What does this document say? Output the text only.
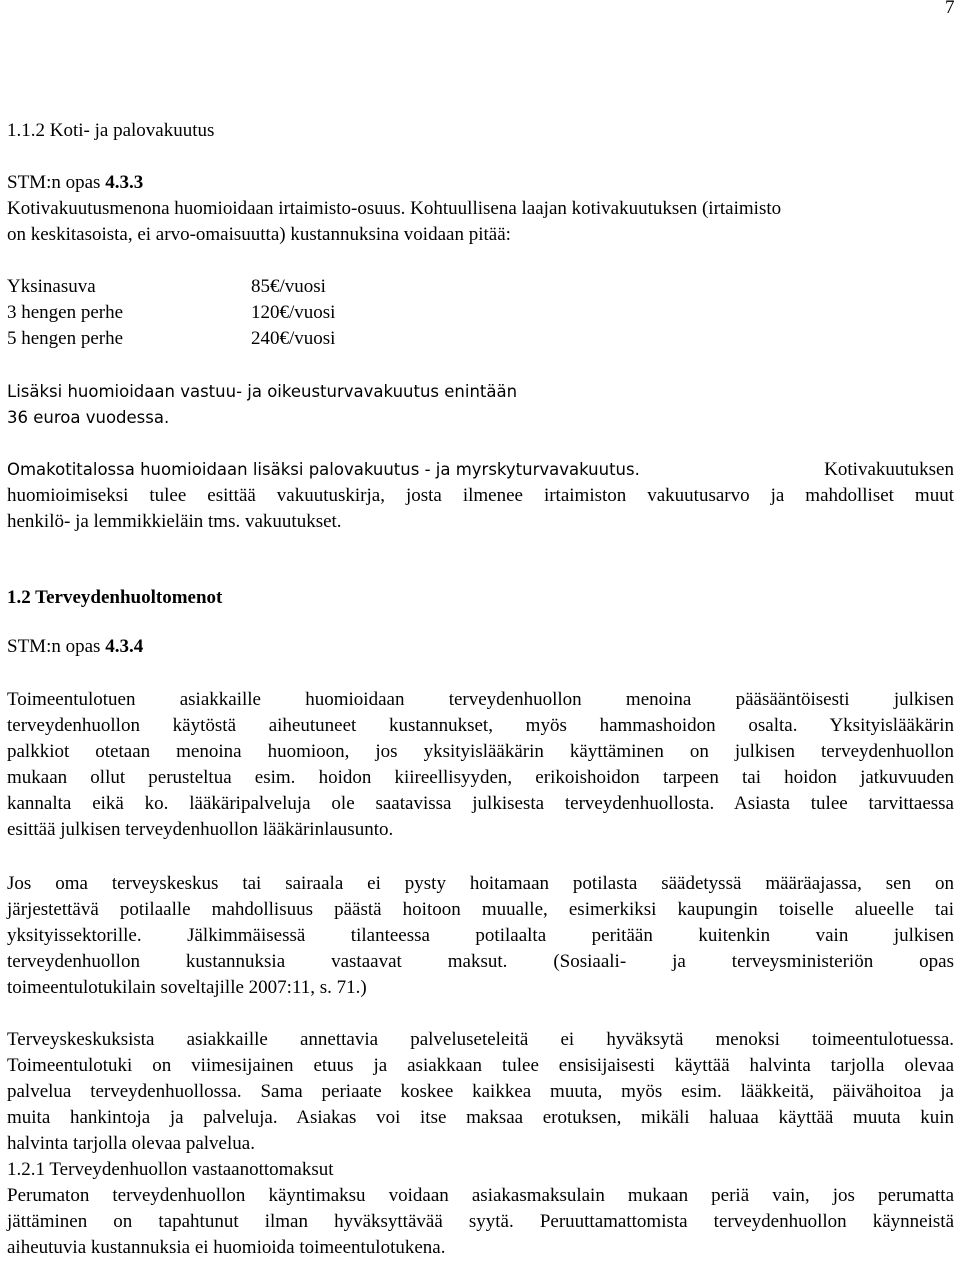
7
1.1.2 Koti- ja palovakuutus
STM:n opas 4.3.3
Kotivakuutusmenona huomioidaan irtaimisto-osuus. Kohtuullisena laajan kotivakuutuksen (irtaimisto
on keskitasoista, ei arvo-omaisuutta) kustannuksina voidaan pitää:
Yksinasuva	85€/vuosi
3 hengen perhe	120€/vuosi
5 hengen perhe	240€/vuosi
Lisäksi huomioidaan vastuu- ja oikeusturvavakuutus enintään
36 euroa vuodessa.
Omakotitalossa huomioidaan lisäksi palovakuutus - ja myrskyturvavakuutus.	Kotivakuutuksen
huomioimiseksi tulee esittää vakuutuskirja, josta ilmenee irtaimiston vakuutusarvo ja mahdolliset muut
henkilö- ja lemmikkieläin tms. vakuutukset.
1.2 Terveydenhuoltomenot
STM:n opas 4.3.4
Toimeentulotuen asiakkaille huomioidaan terveydenhuollon menoina pääsääntöisesti julkisen
terveydenhuollon käytöstä aiheutuneet kustannukset, myös hammashoidon osalta. Yksityislääkärin
palkkiot otetaan menoina huomioon, jos yksityislääkärin käyttäminen on julkisen terveydenhuollon
mukaan ollut perusteltua esim. hoidon kiireellisyyden, erikoishoidon tarpeen tai hoidon jatkuvuuden
kannalta eikä ko. lääkäripalveluja ole saatavissa julkisesta terveydenhuollosta. Asiasta tulee tarvittaessa
esittää julkisen terveydenhuollon lääkärinlausunto.
Jos oma terveyskeskus tai sairaala ei pysty hoitamaan potilasta säädetyssä määräajassa, sen on
järjestettävä potilaalle mahdollisuus päästä hoitoon muualle, esimerkiksi kaupungin toiselle alueelle tai
yksityissektorille. Jälkimmäisessä tilanteessa potilaalta peritään kuitenkin vain julkisen
terveydenhuollon kustannuksia vastaavat maksut. (Sosiaali- ja terveysministeriön opas
toimeentulotukilain soveltajille 2007:11, s. 71.)
Terveyskeskuksista asiakkaille annettavia palveluseteleitä ei hyväksytä menoksi toimeentulotuessa.
Toimeentulotuki on viimesijainen etuus ja asiakkaan tulee ensisijaisesti käyttää halvinta tarjolla olevaa
palvelua terveydenhuollossa. Sama periaate koskee kaikkea muuta, myös esim. lääkkeitä, päivähoitoa ja
muita hankintoja ja palveluja. Asiakas voi itse maksaa erotuksen, mikäli haluaa käyttää muuta kuin
halvinta tarjolla olevaa palvelua.
1.2.1 Terveydenhuollon vastaanottomaksut
Perumaton terveydenhuollon käyntimaksu voidaan asiakasmaksulain mukaan periä vain, jos perumatta
jättäminen on tapahtunut ilman hyväksyttävää syytä. Peruuttamattomista terveydenhuollon käynneistä
aiheutuvia kustannuksia ei huomioida toimeentulotukena.
